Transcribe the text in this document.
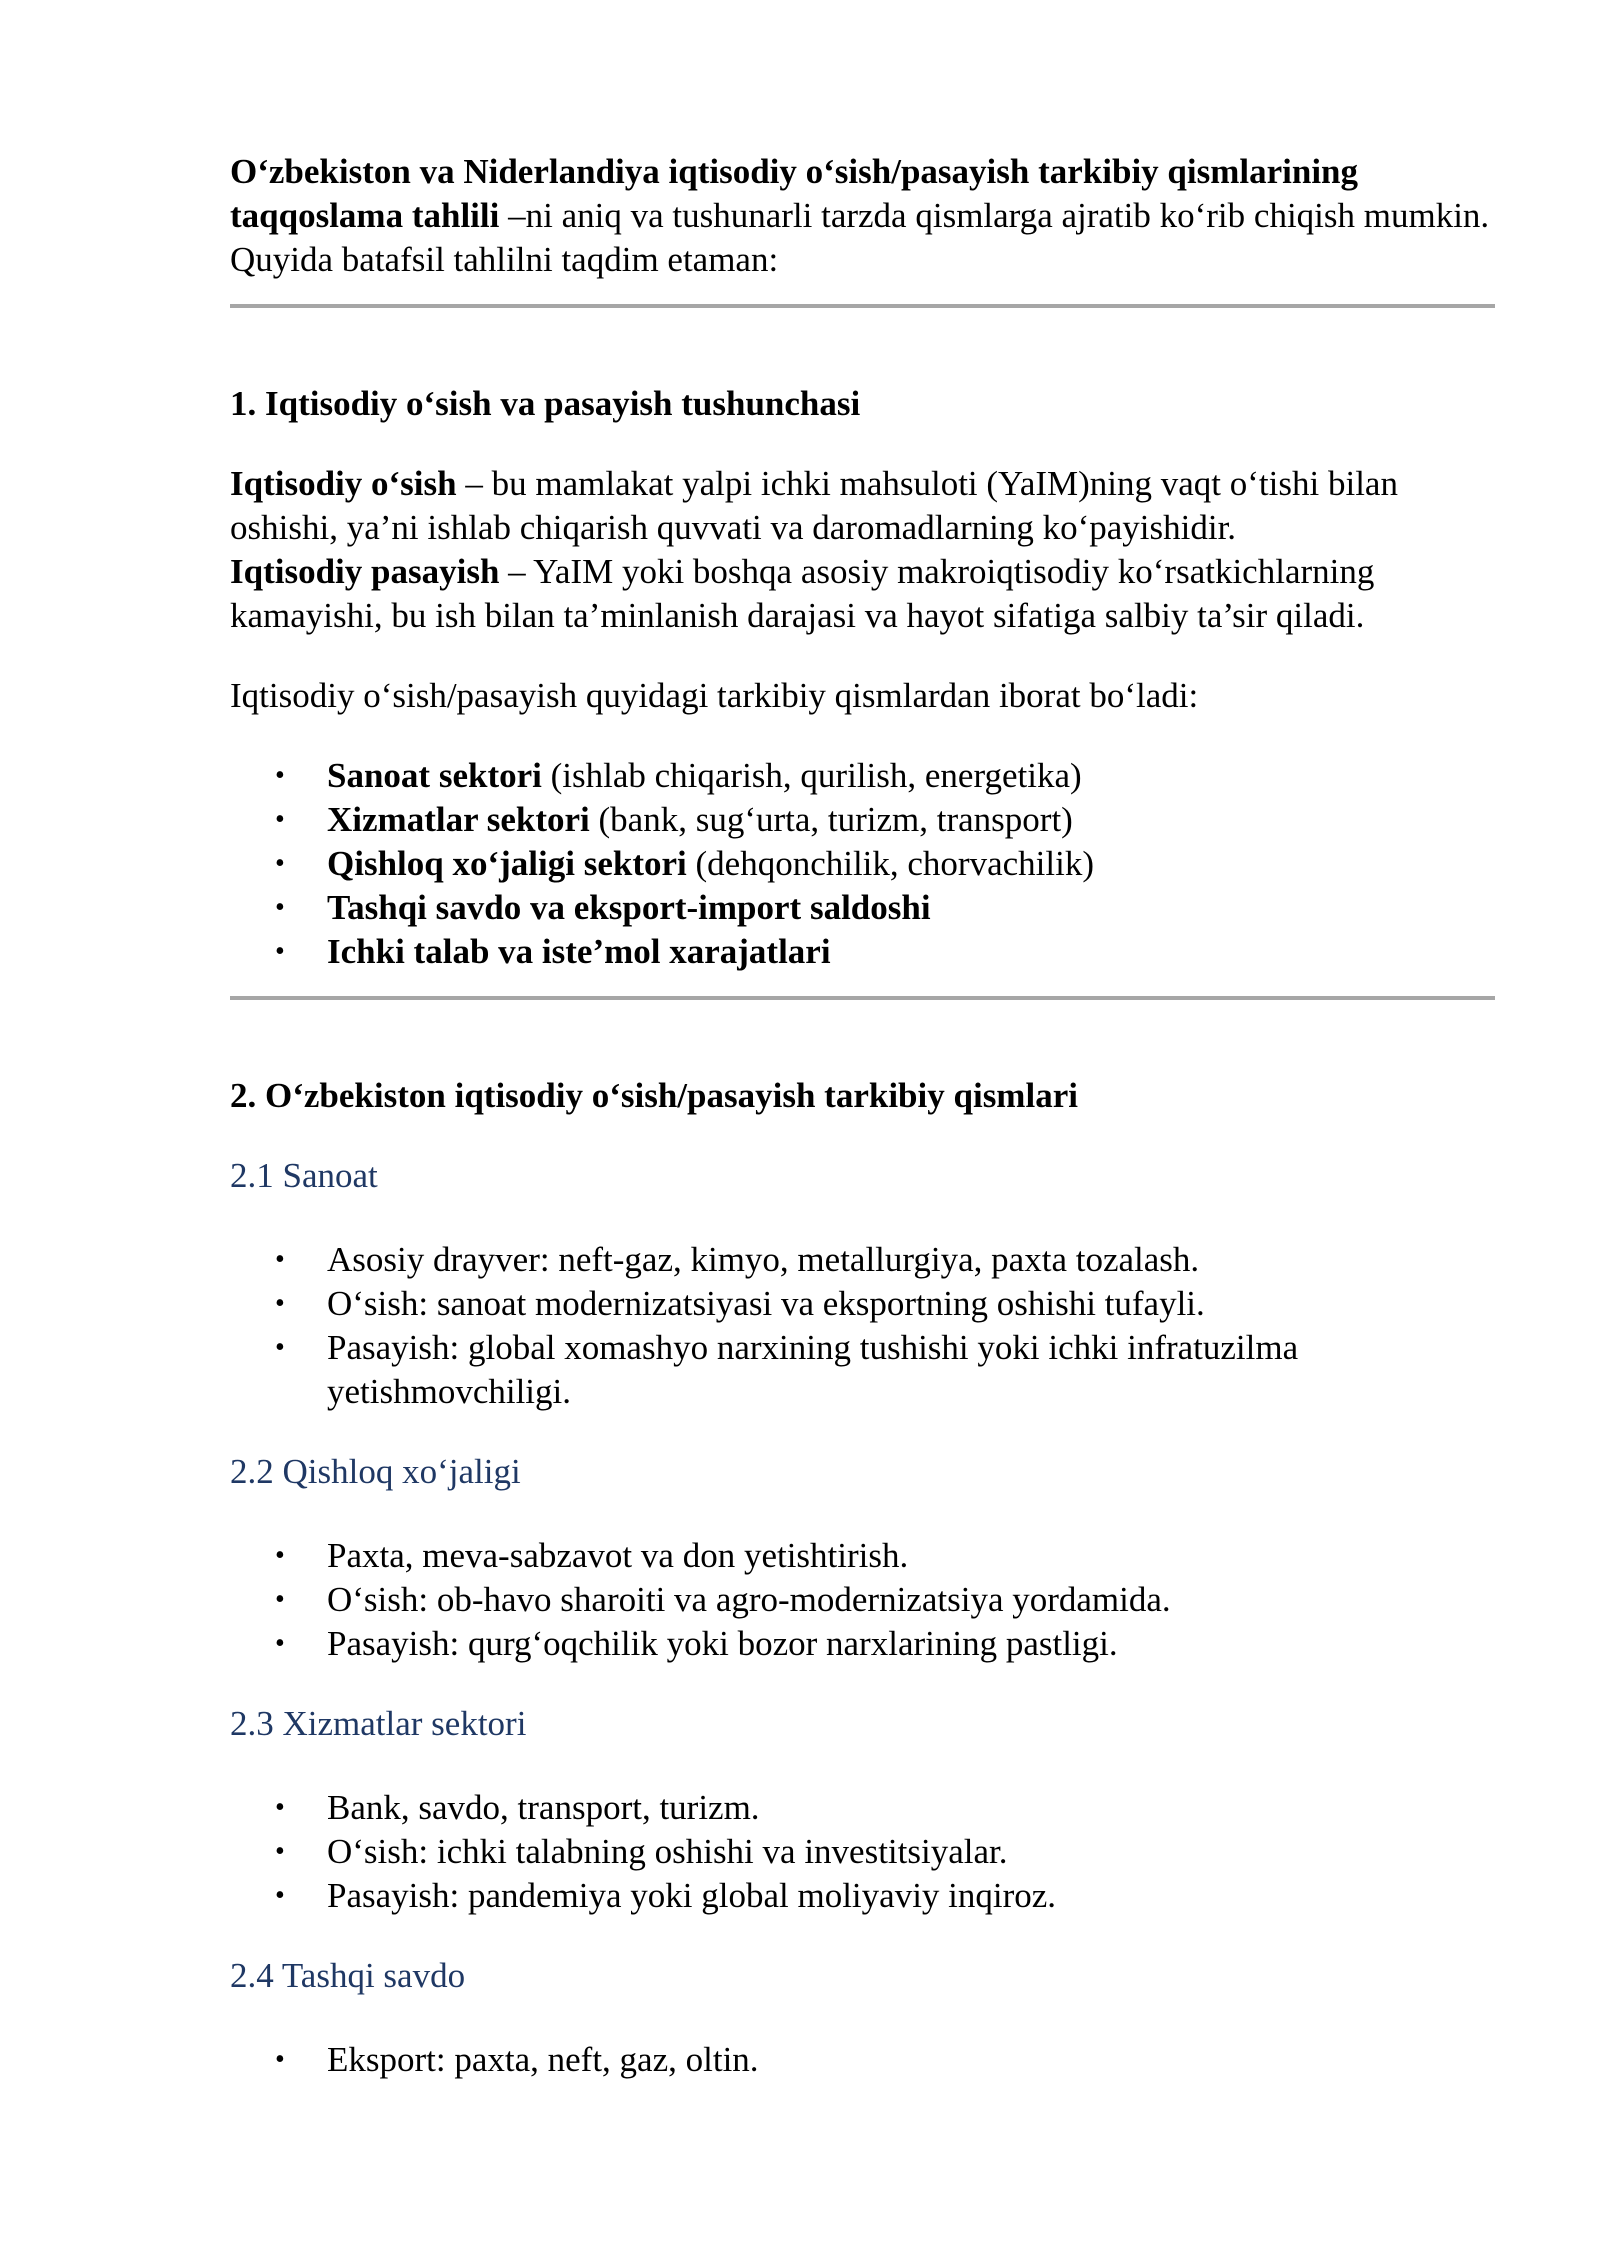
O‘zbekiston va Niderlandiya iqtisodiy o‘sish/pasayish tarkibiy qismlarining taqqoslama tahlili –ni aniq va tushunarli tarzda qismlarga ajratib ko‘rib chiqish mumkin. Quyida batafsil tahlilni taqdim etaman:

1. Iqtisodiy o‘sish va pasayish tushunchasi

Iqtisodiy o‘sish – bu mamlakat yalpi ichki mahsuloti (YaIM)ning vaqt o‘tishi bilan oshishi, ya’ni ishlab chiqarish quvvati va daromadlarning ko‘payishidir.
Iqtisodiy pasayish – YaIM yoki boshqa asosiy makroiqtisodiy ko‘rsatkichlarning kamayishi, bu ish bilan ta’minlanish darajasi va hayot sifatiga salbiy ta’sir qiladi.

Iqtisodiy o‘sish/pasayish quyidagi tarkibiy qismlardan iborat bo‘ladi:

• Sanoat sektori (ishlab chiqarish, qurilish, energetika)
• Xizmatlar sektori (bank, sug‘urta, turizm, transport)
• Qishloq xo‘jaligi sektori (dehqonchilik, chorvachilik)
• Tashqi savdo va eksport-import saldoshi
• Ichki talab va iste’mol xarajatlari

2. O‘zbekiston iqtisodiy o‘sish/pasayish tarkibiy qismlari

2.1 Sanoat

• Asosiy drayver: neft-gaz, kimyo, metallurgiya, paxta tozalash.
• O‘sish: sanoat modernizatsiyasi va eksportning oshishi tufayli.
• Pasayish: global xomashyo narxining tushishi yoki ichki infratuzilma yetishmovchiligi.

2.2 Qishloq xo‘jaligi

• Paxta, meva-sabzavot va don yetishtirish.
• O‘sish: ob-havo sharoiti va agro-modernizatsiya yordamida.
• Pasayish: qurg‘oqchilik yoki bozor narxlarining pastligi.

2.3 Xizmatlar sektori

• Bank, savdo, transport, turizm.
• O‘sish: ichki talabning oshishi va investitsiyalar.
• Pasayish: pandemiya yoki global moliyaviy inqiroz.

2.4 Tashqi savdo

• Eksport: paxta, neft, gaz, oltin.
